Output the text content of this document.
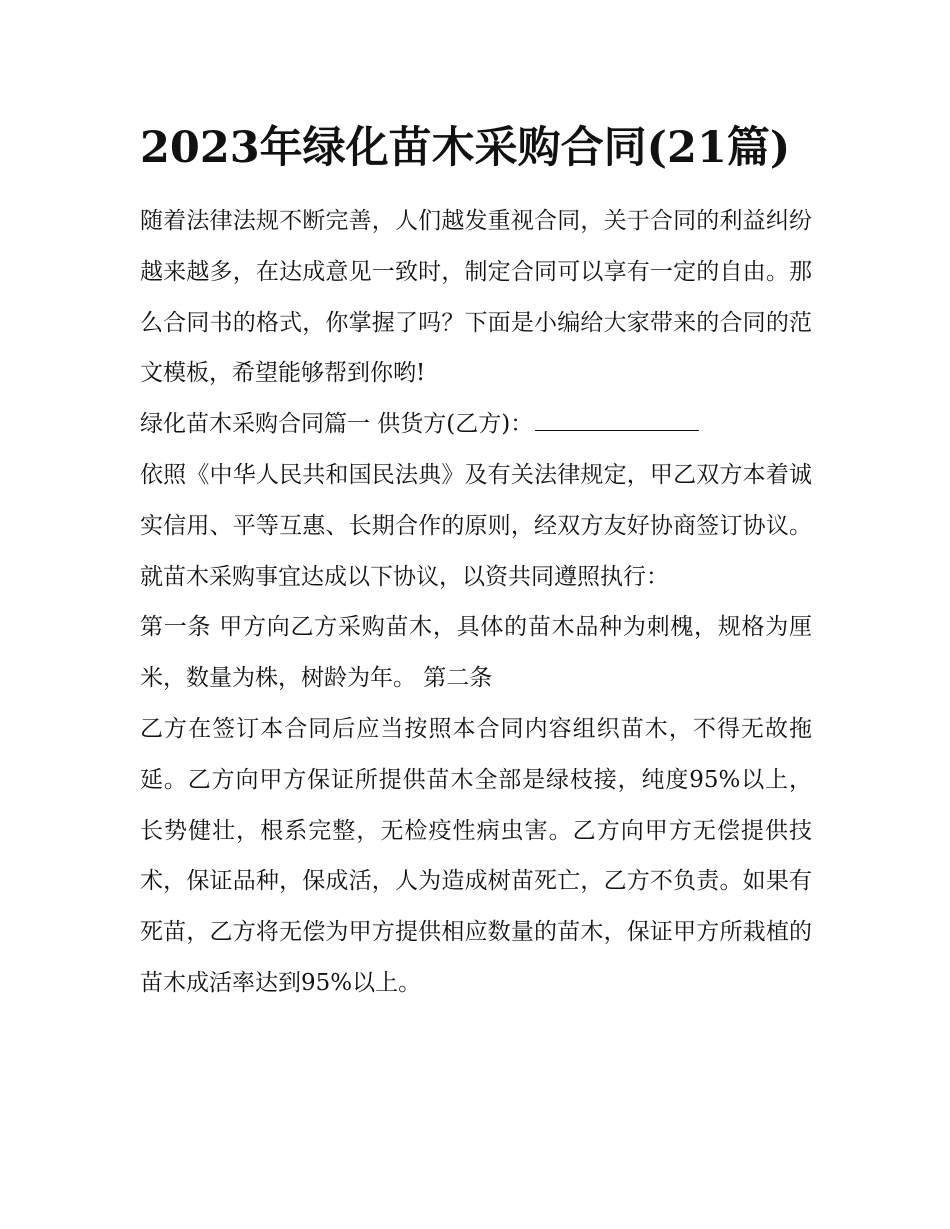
2023年绿化苗木采购合同(21篇)

随着法律法规不断完善，人们越发重视合同，关于合同的利益纠纷越来越多，在达成意见一致时，制定合同可以享有一定的自由。那么合同书的格式，你掌握了吗？下面是小编给大家带来的合同的范文模板，希望能够帮到你哟!

绿化苗木采购合同篇一 供货方(乙方)：

依照《中华人民共和国民法典》及有关法律规定，甲乙双方本着诚实信用、平等互惠、长期合作的原则，经双方友好协商签订协议。就苗木采购事宜达成以下协议，以资共同遵照执行：

第一条 甲方向乙方采购苗木，具体的苗木品种为刺槐，规格为厘米，数量为株，树龄为年。 第二条

乙方在签订本合同后应当按照本合同内容组织苗木，不得无故拖延。乙方向甲方保证所提供苗木全部是绿枝接，纯度95%以上，长势健壮，根系完整，无检疫性病虫害。乙方向甲方无偿提供技术，保证品种，保成活，人为造成树苗死亡，乙方不负责。如果有死苗，乙方将无偿为甲方提供相应数量的苗木，保证甲方所栽植的苗木成活率达到95%以上。
